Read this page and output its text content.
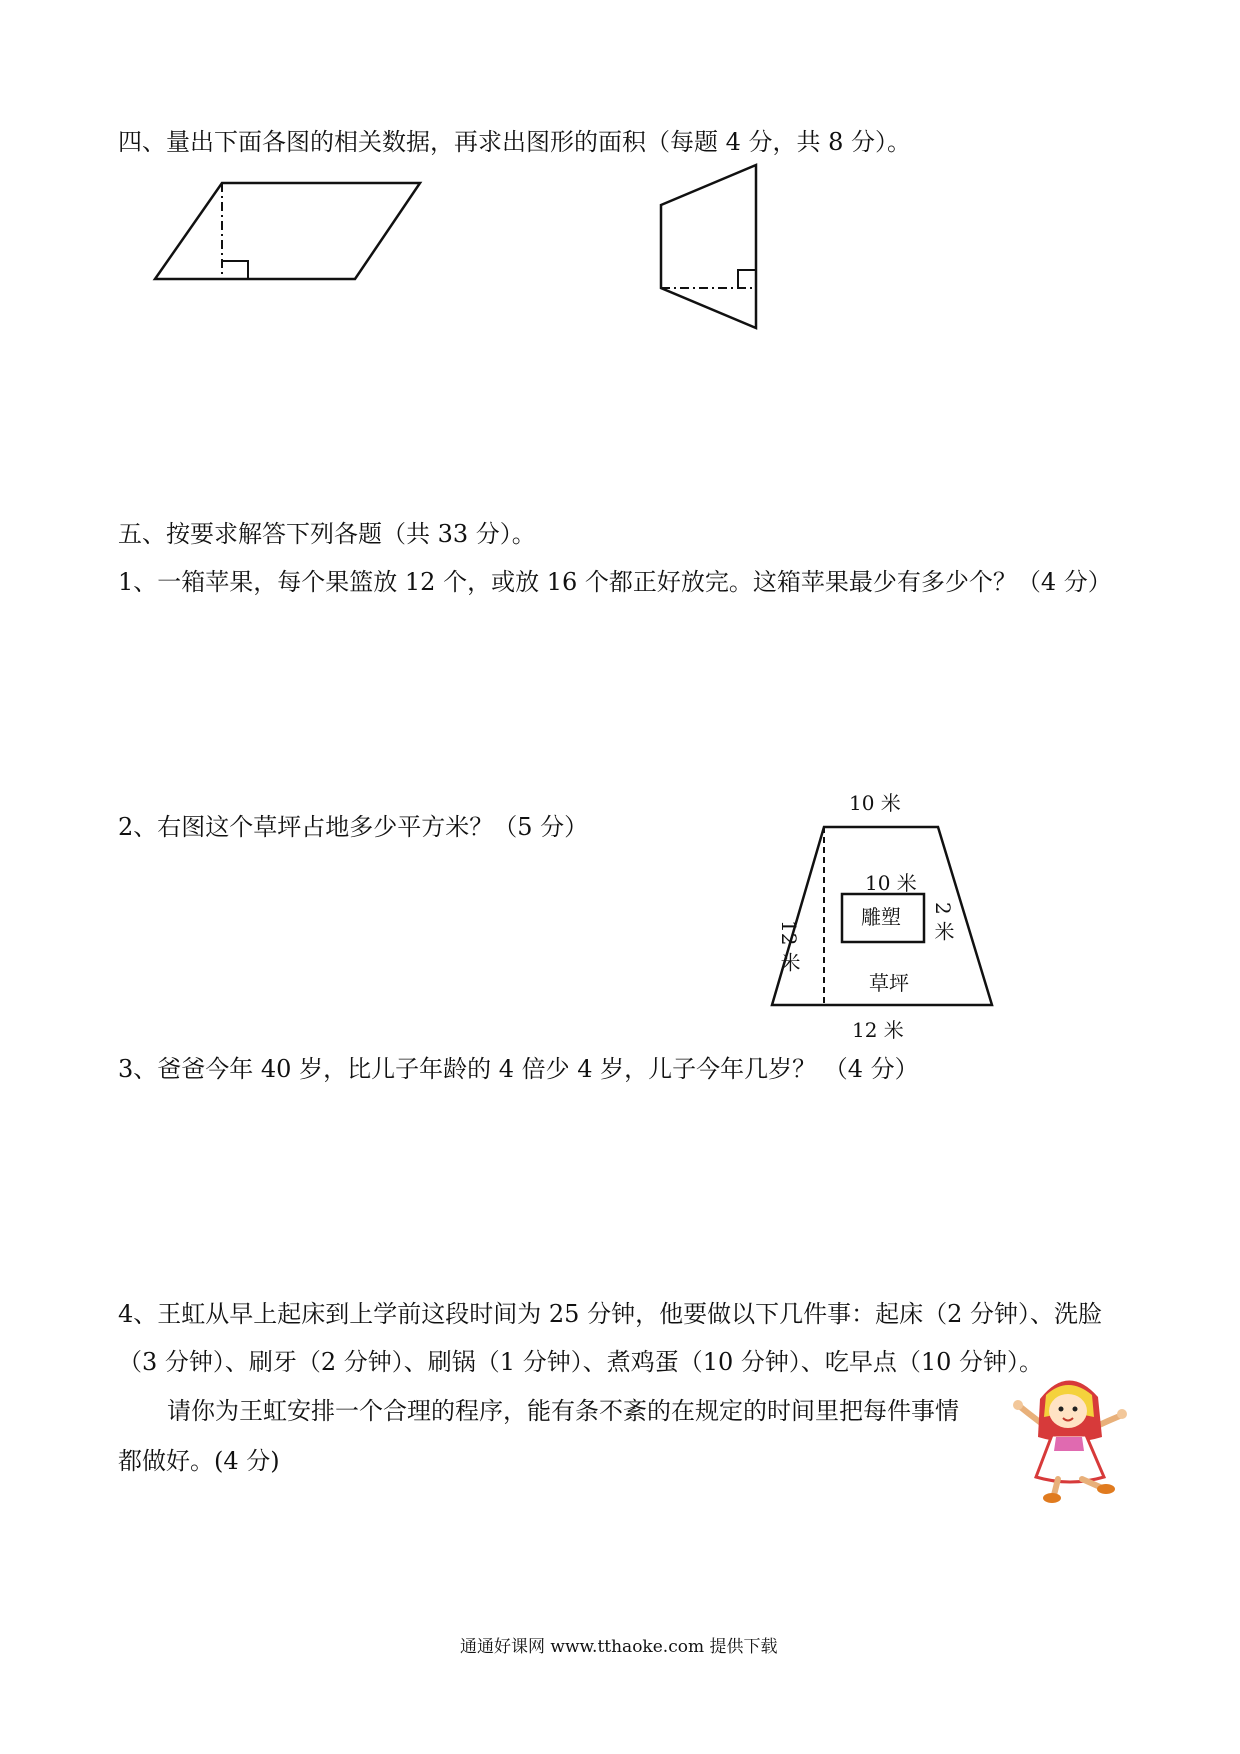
四、量出下面各图的相关数据，再求出图形的面积（每题 4 分，共 8 分）。
五、按要求解答下列各题（共 33 分）。
1、一箱苹果，每个果篮放 12 个，或放 16 个都正好放完。这箱苹果最少有多少个？（4 分）
2、右图这个草坪占地多少平方米？（5 分）
10 米
10 米
12 米	2 米
雕塑
草坪
12 米
3、爸爸今年 40 岁，比儿子年龄的 4 倍少 4 岁，儿子今年几岁？ （4 分）
4、王虹从早上起床到上学前这段时间为 25 分钟，他要做以下几件事：起床（2 分钟）、洗脸
（3 分钟）、刷牙（2 分钟）、刷锅（1 分钟）、煮鸡蛋（10 分钟）、吃早点（10 分钟）。
请你为王虹安排一个合理的程序，能有条不紊的在规定的时间里把每件事情
都做好。(4 分)
通通好课网 www.tthaoke.com 提供下载
